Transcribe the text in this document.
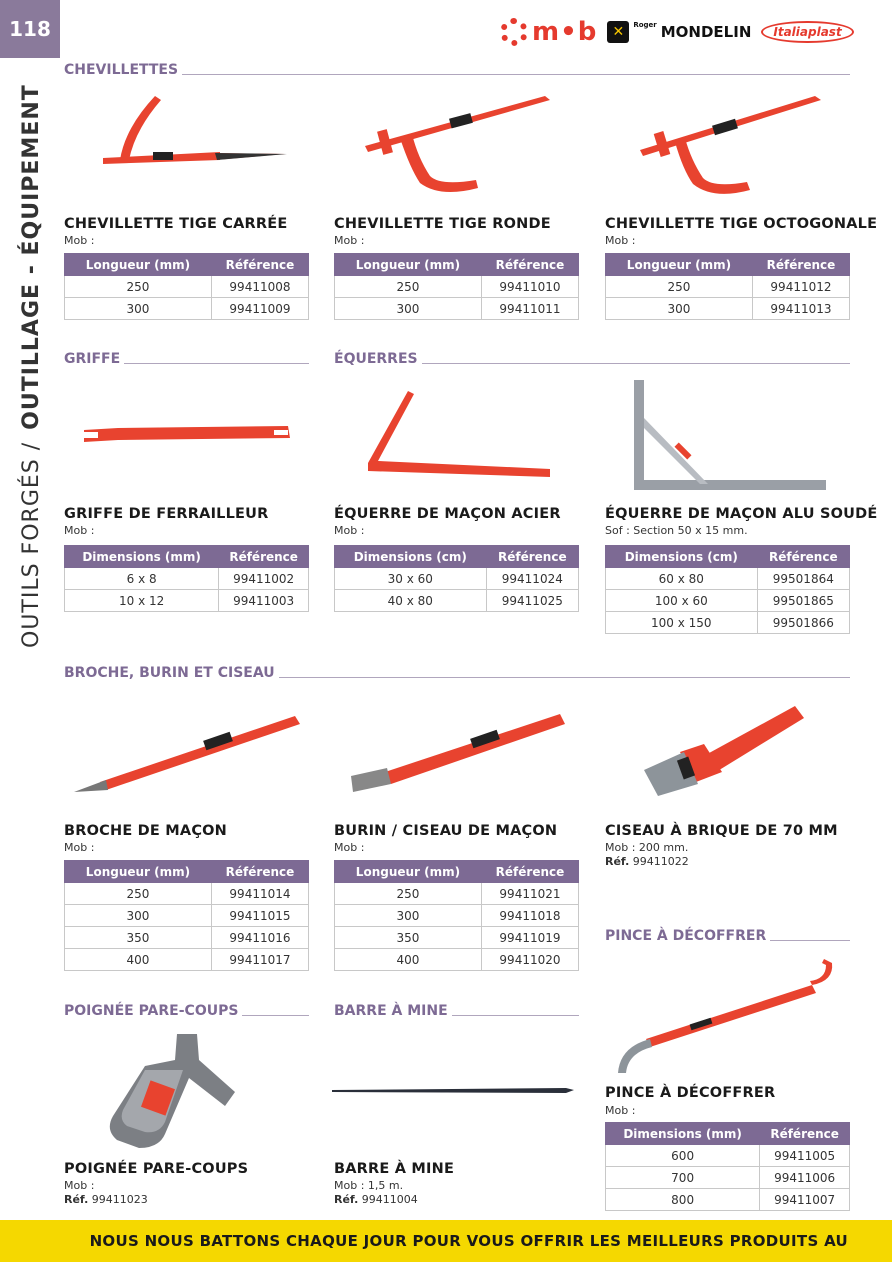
118
OUTILS FORGÉS /
OUTILLAGE - ÉQUIPEMENT
m•b	✕	Roger MONDELIN	Italiaplast
CHEVILLETTES
CHEVILLETTE TIGE CARRÉE
Mob :
Longueur (mm)	Référence
250	99411008
300	99411009
CHEVILLETTE TIGE RONDE
Mob :
Longueur (mm)	Référence
250	99411010
300	99411011
CHEVILLETTE TIGE OCTOGONALE
Mob :
Longueur (mm)	Référence
250	99411012
300	99411013
GRIFFE	ÉQUERRES
GRIFFE DE FERRAILLEUR
Mob :
Dimensions (mm)	Référence
6 x 8	99411002
10 x 12	99411003
ÉQUERRE DE MAÇON ACIER
Mob :
Dimensions (cm)	Référence
30 x 60	99411024
40 x 80	99411025
ÉQUERRE DE MAÇON ALU SOUDÉ
Sof : Section 50 x 15 mm.
Dimensions (cm)	Référence
60 x 80	99501864
100 x 60	99501865
100 x 150	99501866
BROCHE, BURIN ET CISEAU
BROCHE DE MAÇON
Mob :
Longueur (mm)	Référence
250	99411014
300	99411015
350	99411016
400	99411017
BURIN / CISEAU DE MAÇON
Mob :
Longueur (mm)	Référence
250	99411021
300	99411018
350	99411019
400	99411020
CISEAU À BRIQUE DE 70 MM
Mob : 200 mm.
Réf. 99411022
PINCE À DÉCOFFRER
PINCE À DÉCOFFRER
Mob :
Dimensions (mm)	Référence
600	99411005
700	99411006
800	99411007
POIGNÉE PARE-COUPS	BARRE À MINE
POIGNÉE PARE-COUPS
Mob :
Réf. 99411023
BARRE À MINE
Mob : 1,5 m.
Réf. 99411004
NOUS NOUS BATTONS CHAQUE JOUR POUR VOUS OFFRIR LES MEILLEURS PRODUITS AU
